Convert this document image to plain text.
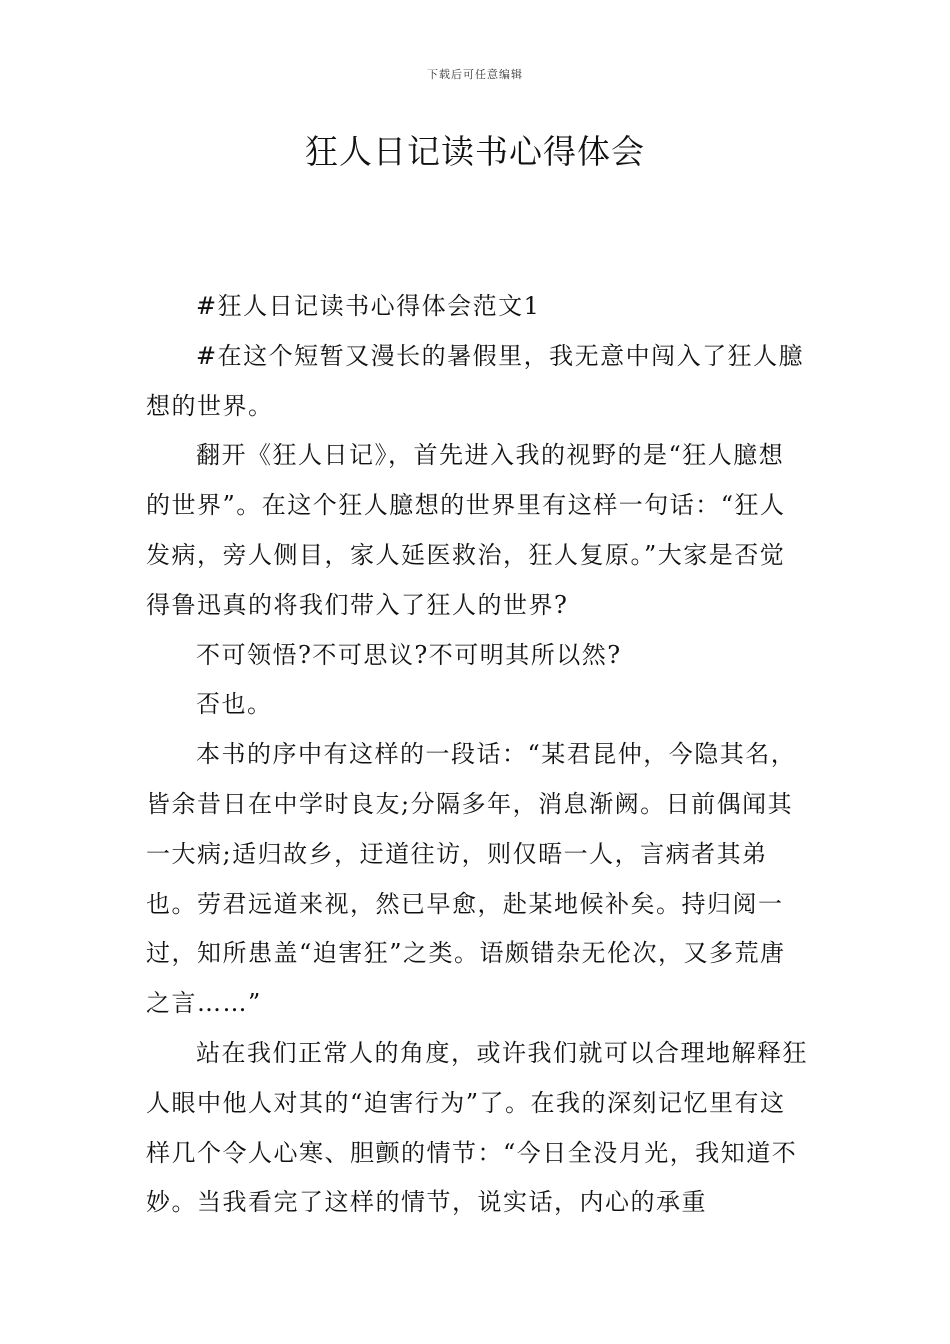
下载后可任意编辑
狂人日记读书心得体会

#狂人日记读书心得体会范文1

#在这个短暂又漫长的暑假里，我无意中闯入了狂人臆想的世界。

翻开《狂人日记》，首先进入我的视野的是“狂人臆想的世界”。在这个狂人臆想的世界里有这样一句话：“狂人发病，旁人侧目，家人延医救治，狂人复原。”大家是否觉得鲁迅真的将我们带入了狂人的世界?

不可领悟?不可思议?不可明其所以然?

否也。

本书的序中有这样的一段话：“某君昆仲，今隐其名，皆余昔日在中学时良友;分隔多年，消息渐阙。日前偶闻其一大病;适归故乡，迂道往访，则仅晤一人，言病者其弟也。劳君远道来视，然已早愈，赴某地候补矣。持归阅一过，知所患盖“迫害狂”之类。语颇错杂无伦次，又多荒唐之言……”

站在我们正常人的角度，或许我们就可以合理地解释狂人眼中他人对其的“迫害行为”了。在我的深刻记忆里有这样几个令人心寒、胆颤的情节：“今日全没月光，我知道不妙。当我看完了这样的情节，说实话，内心的承重
